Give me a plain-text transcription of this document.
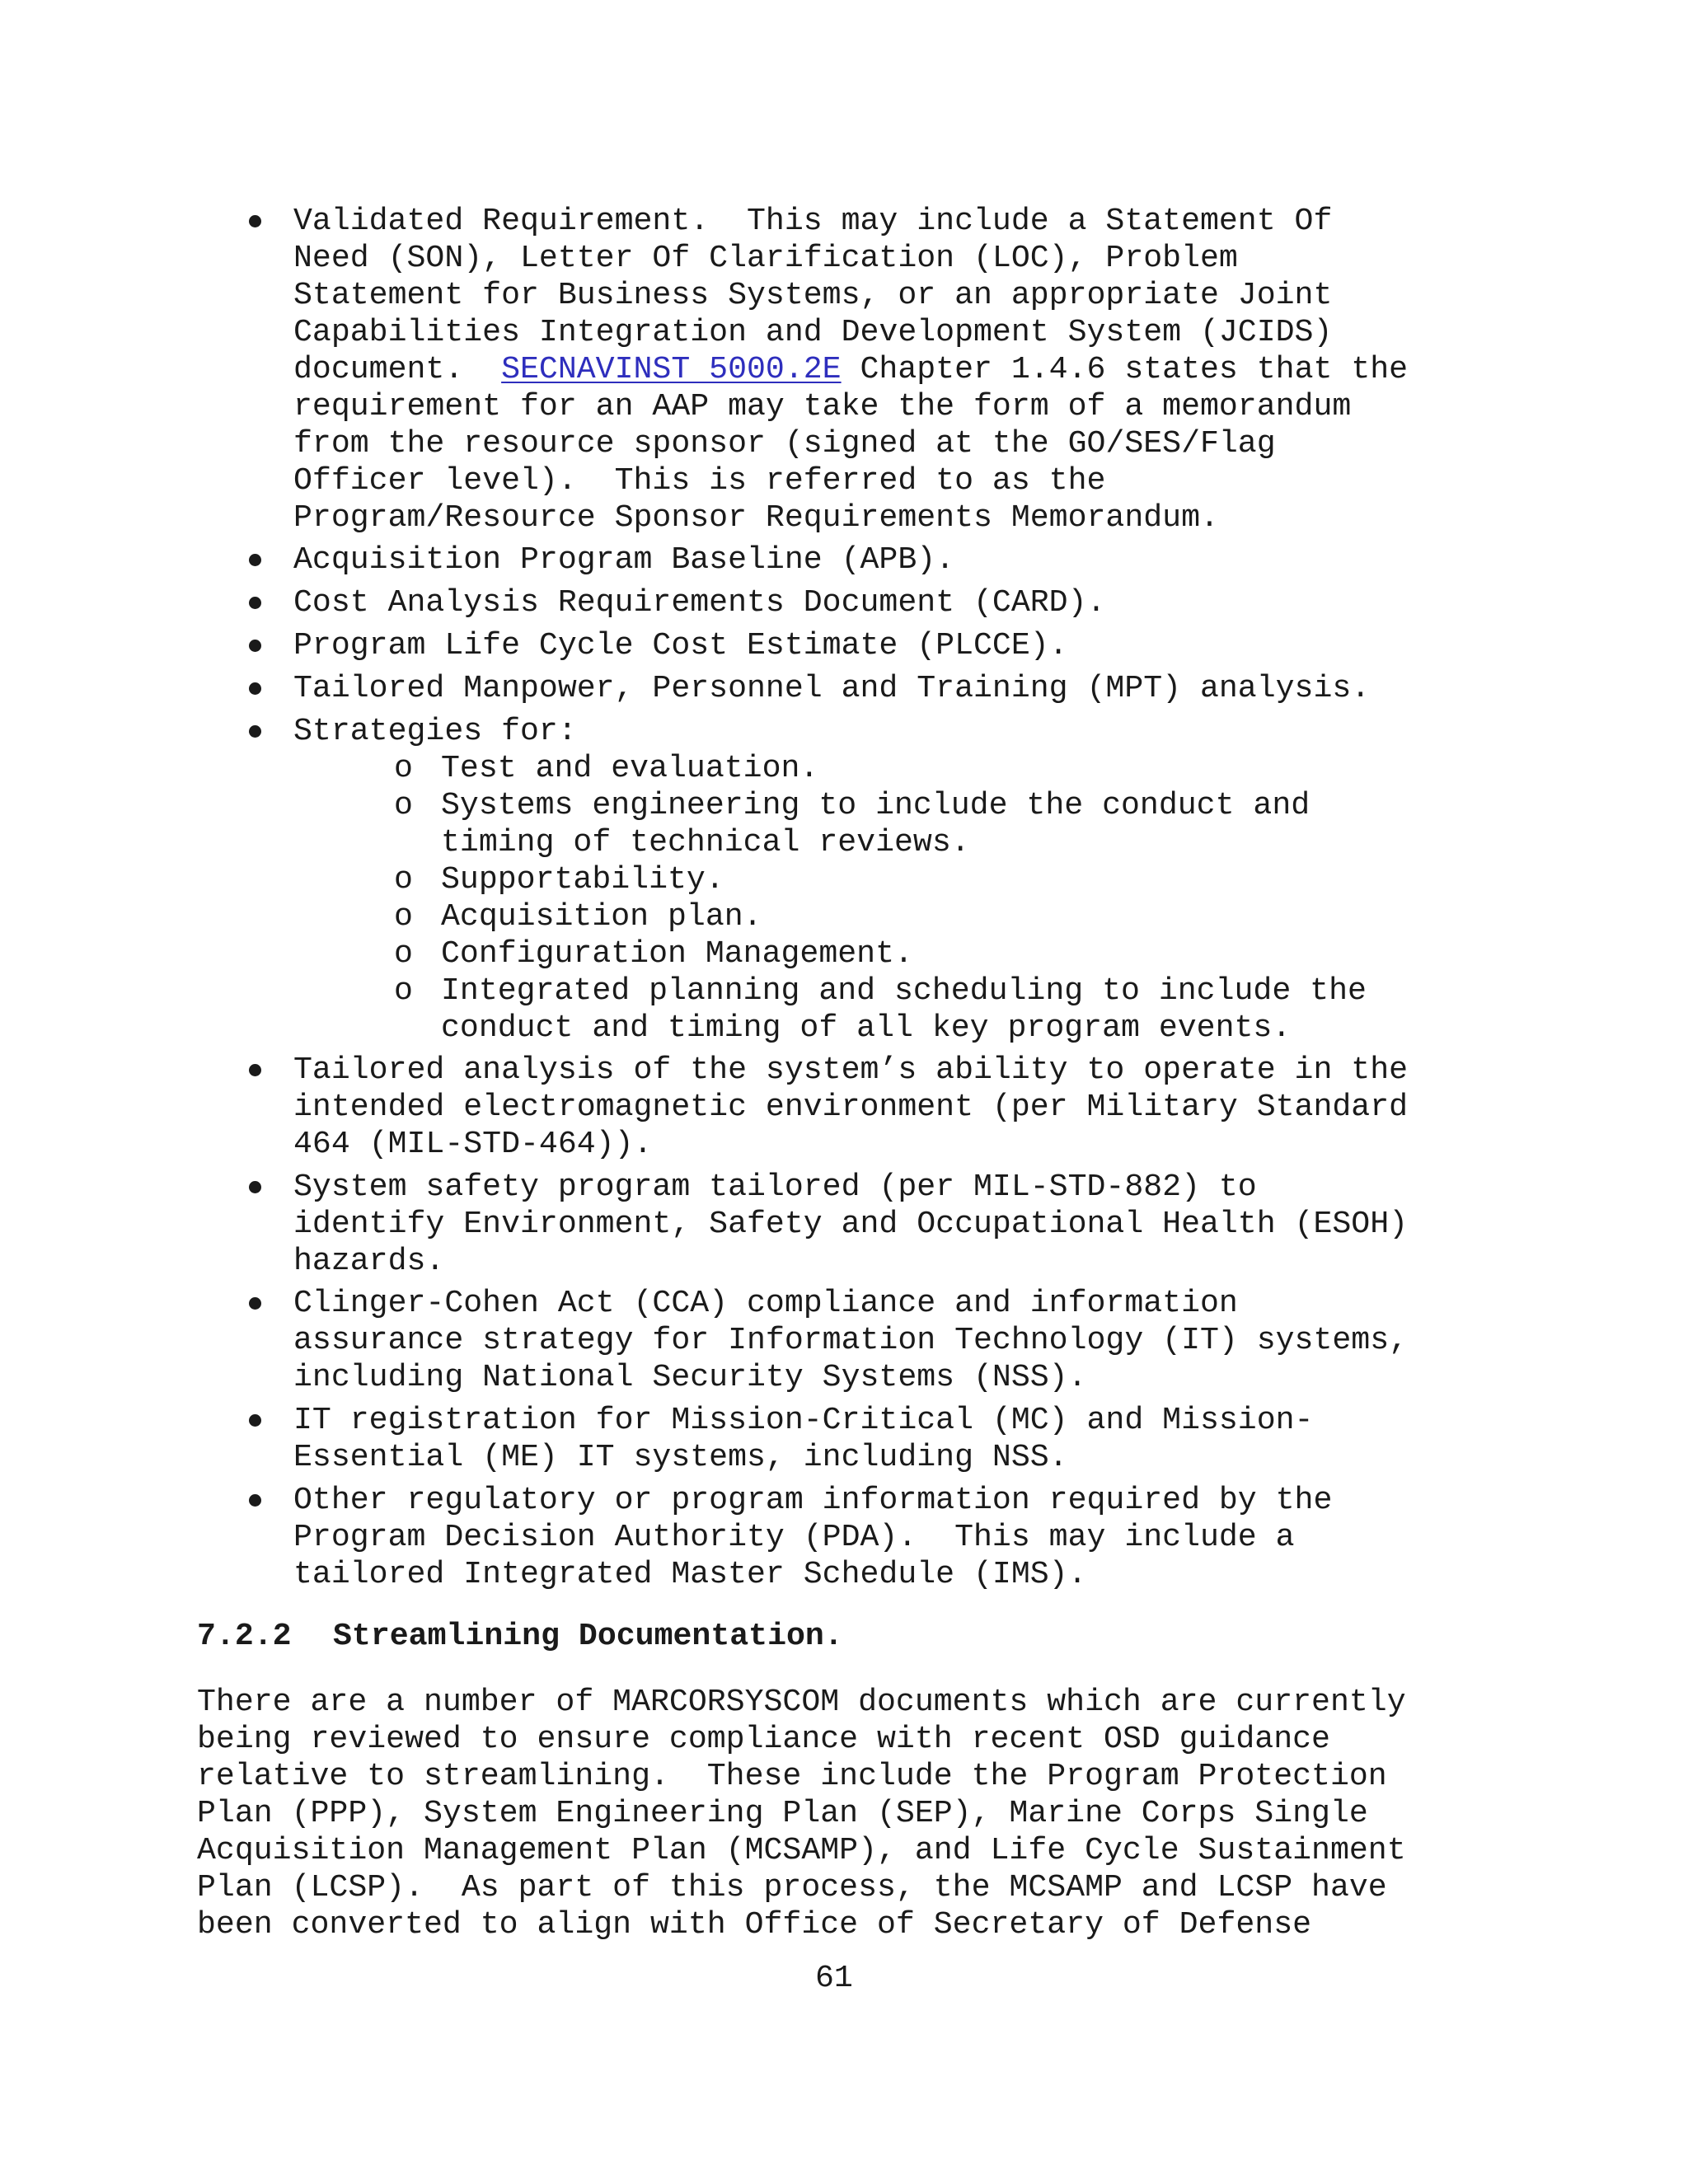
Validated Requirement.  This may include a Statement Of
Need (SON), Letter Of Clarification (LOC), Problem
Statement for Business Systems, or an appropriate Joint
Capabilities Integration and Development System (JCIDS)
document.  SECNAVINST 5000.2E Chapter 1.4.6 states that the
requirement for an AAP may take the form of a memorandum
from the resource sponsor (signed at the GO/SES/Flag
Officer level).  This is referred to as the
Program/Resource Sponsor Requirements Memorandum.
Acquisition Program Baseline (APB).
Cost Analysis Requirements Document (CARD).
Program Life Cycle Cost Estimate (PLCCE).
Tailored Manpower, Personnel and Training (MPT) analysis.
Strategies for:
o Test and evaluation.
o Systems engineering to include the conduct and
timing of technical reviews.
o Supportability.
o Acquisition plan.
o Configuration Management.
o Integrated planning and scheduling to include the
conduct and timing of all key program events.
Tailored analysis of the system’s ability to operate in the
intended electromagnetic environment (per Military Standard
464 (MIL-STD-464)).
System safety program tailored (per MIL-STD-882) to
identify Environment, Safety and Occupational Health (ESOH)
hazards.
Clinger-Cohen Act (CCA) compliance and information
assurance strategy for Information Technology (IT) systems,
including National Security Systems (NSS).
IT registration for Mission-Critical (MC) and Mission-
Essential (ME) IT systems, including NSS.
Other regulatory or program information required by the
Program Decision Authority (PDA).  This may include a
tailored Integrated Master Schedule (IMS).
7.2.2 Streamlining Documentation.
There are a number of MARCORSYSCOM documents which are currently
being reviewed to ensure compliance with recent OSD guidance
relative to streamlining.  These include the Program Protection
Plan (PPP), System Engineering Plan (SEP), Marine Corps Single
Acquisition Management Plan (MCSAMP), and Life Cycle Sustainment
Plan (LCSP).  As part of this process, the MCSAMP and LCSP have
been converted to align with Office of Secretary of Defense
61
